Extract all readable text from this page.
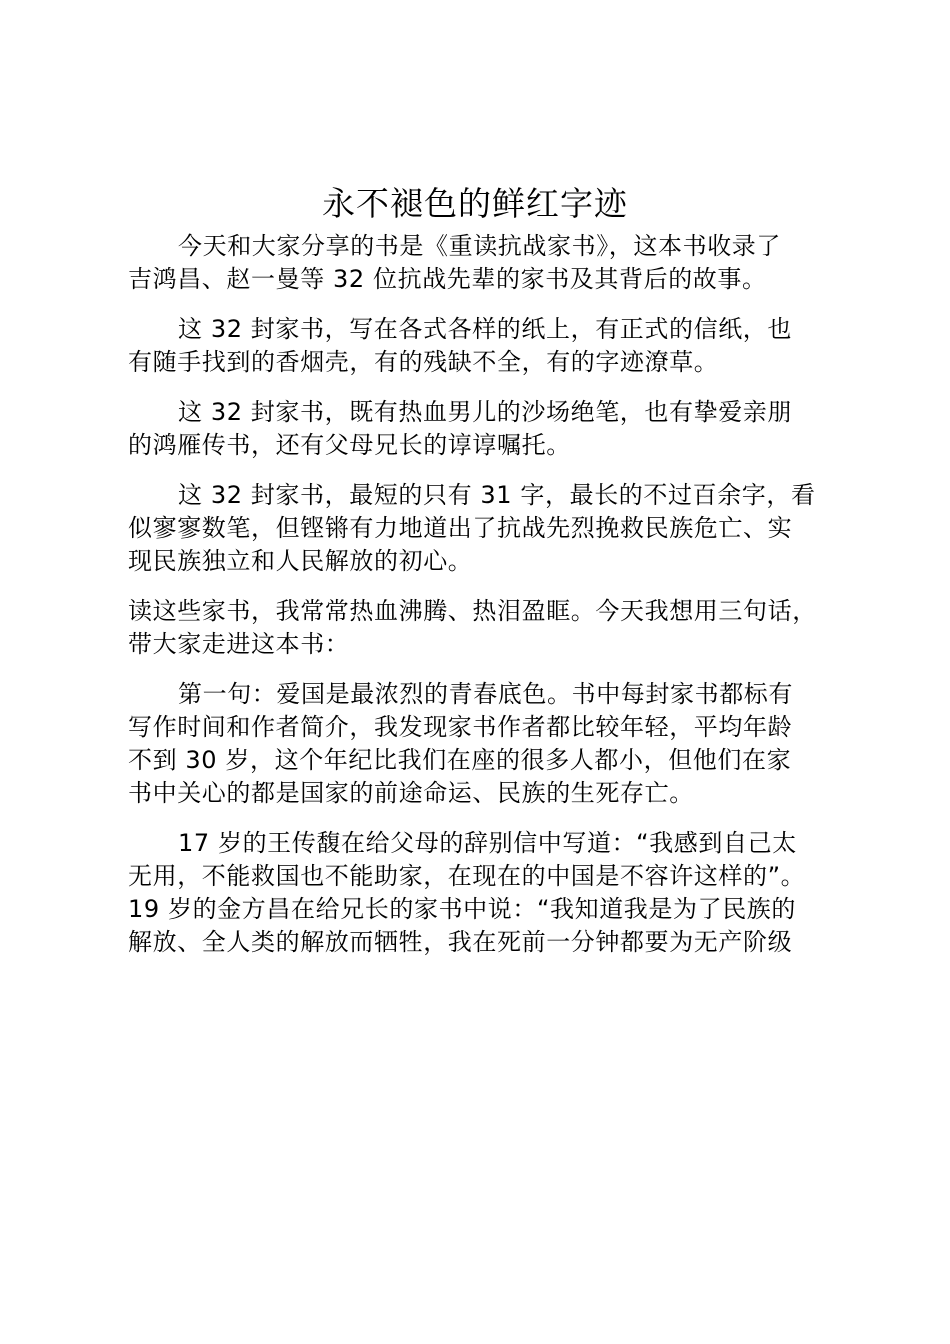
永不褪色的鲜红字迹
今天和大家分享的书是《重读抗战家书》，这本书收录了
吉鸿昌、赵一曼等 32 位抗战先辈的家书及其背后的故事。
这 32 封家书，写在各式各样的纸上，有正式的信纸，也
有随手找到的香烟壳，有的残缺不全，有的字迹潦草。
这 32 封家书，既有热血男儿的沙场绝笔，也有挚爱亲朋
的鸿雁传书，还有父母兄长的谆谆嘱托。
这 32 封家书，最短的只有 31 字，最长的不过百余字，看
似寥寥数笔，但铿锵有力地道出了抗战先烈挽救民族危亡、实
现民族独立和人民解放的初心。
读这些家书，我常常热血沸腾、热泪盈眶。今天我想用三句话，
带大家走进这本书：
第一句：爱国是最浓烈的青春底色。书中每封家书都标有
写作时间和作者简介，我发现家书作者都比较年轻，平均年龄
不到 30 岁，这个年纪比我们在座的很多人都小，但他们在家
书中关心的都是国家的前途命运、民族的生死存亡。
17 岁的王传馥在给父母的辞别信中写道：“我感到自己太
无用，不能救国也不能助家，在现在的中国是不容许这样的”。
19 岁的金方昌在给兄长的家书中说：“我知道我是为了民族的
解放、全人类的解放而牺牲，我在死前一分钟都要为无产阶级
